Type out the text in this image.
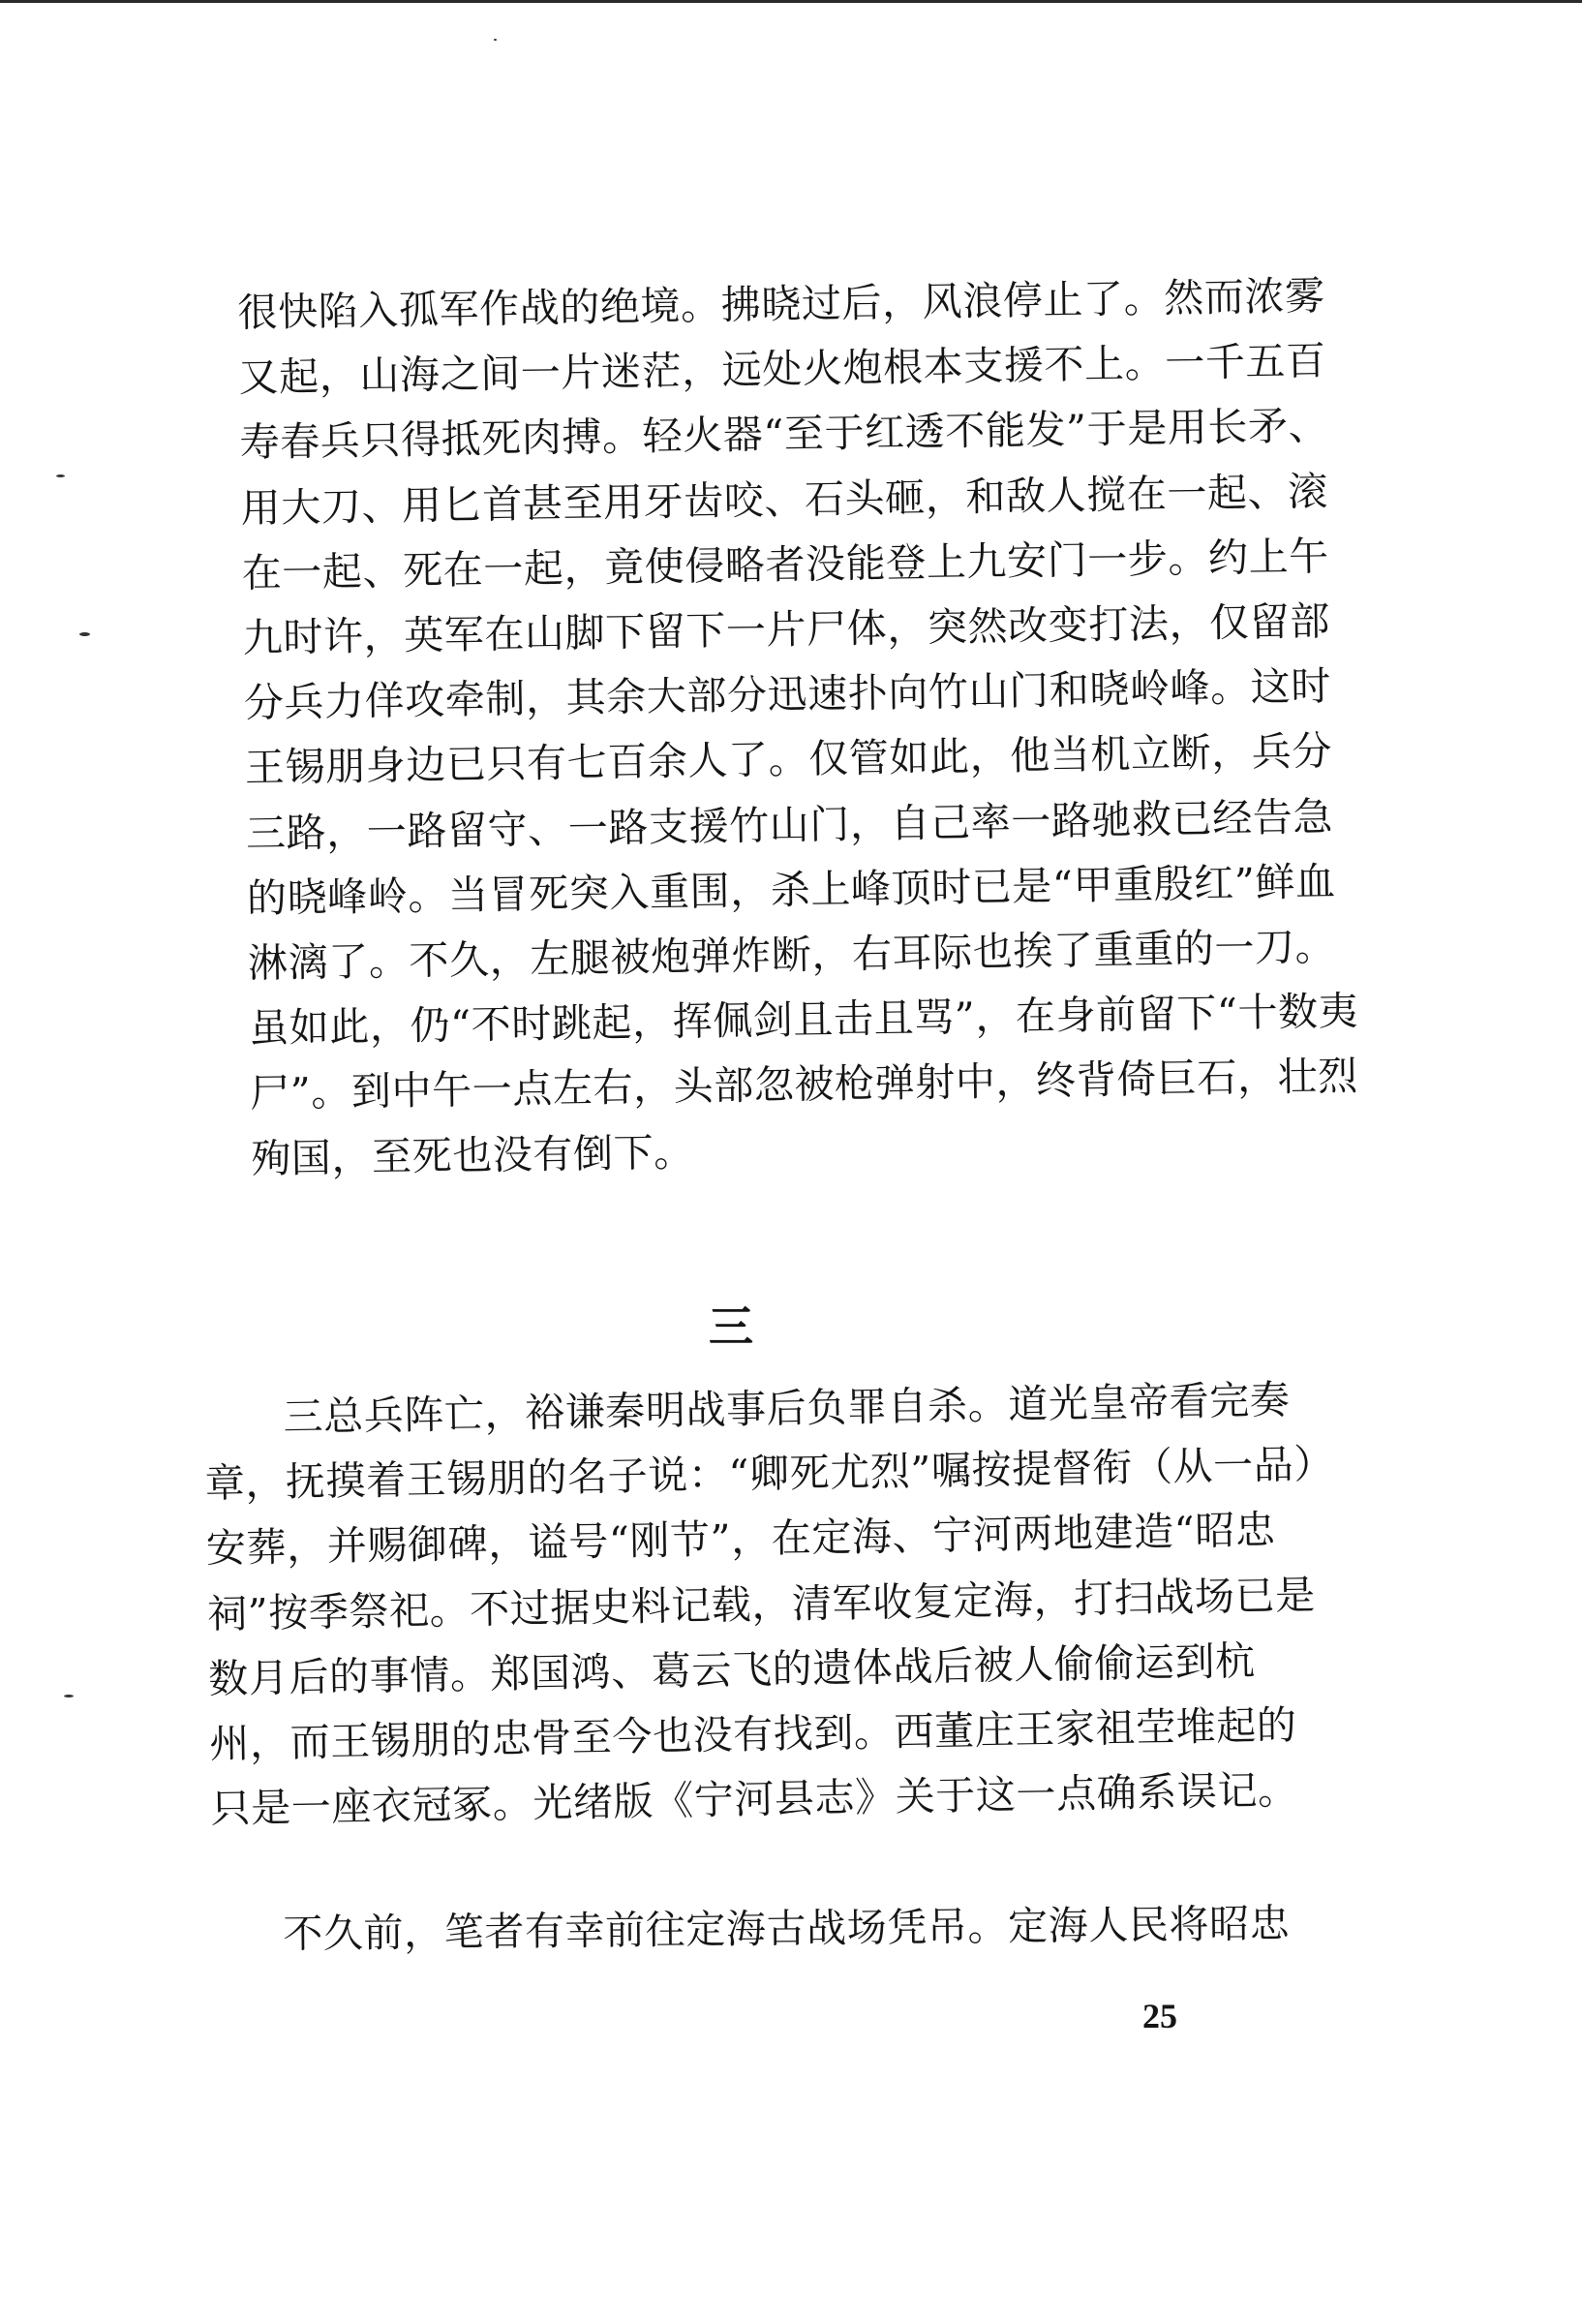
很快陷入孤军作战的绝境。拂晓过后，风浪停止了。然而浓雾又起，山海之间一片迷茫，远处火炮根本支援不上。一千五百寿春兵只得抵死肉搏。轻火器“至于红透不能发”于是用长矛、用大刀、用匕首甚至用牙齿咬、石头砸，和敌人搅在一起、滚在一起、死在一起，竟使侵略者没能登上九安门一步。约上午九时许，英军在山脚下留下一片尸体，突然改变打法，仅留部分兵力佯攻牵制，其余大部分迅速扑向竹山门和晓岭峰。这时王锡朋身边已只有七百余人了。仅管如此，他当机立断，兵分三路，一路留守、一路支援竹山门，自己率一路驰救已经告急的晓峰岭。当冒死突入重围，杀上峰顶时已是“甲重殷红”鲜血淋漓了。不久，左腿被炮弹炸断，右耳际也挨了重重的一刀。虽如此，仍“不时跳起，挥佩剑且击且骂”，在身前留下“十数夷尸”。到中午一点左右，头部忽被枪弹射中，终背倚巨石，壮烈殉国，至死也没有倒下。
三
三总兵阵亡，裕谦秦明战事后负罪自杀。道光皇帝看完奏章，抚摸着王锡朋的名子说：“卿死尤烈”嘱按提督衔（从一品）安葬，并赐御碑，谥号“刚节”，在定海、宁河两地建造“昭忠祠”按季祭祀。不过据史料记载，清军收复定海，打扫战场已是数月后的事情。郑国鸿、葛云飞的遗体战后被人偷偷运到杭州，而王锡朋的忠骨至今也没有找到。西董庄王家祖茔堆起的只是一座衣冠冢。光绪版《宁河县志》关于这一点确系误记。
不久前，笔者有幸前往定海古战场凭吊。定海人民将昭忠
25
